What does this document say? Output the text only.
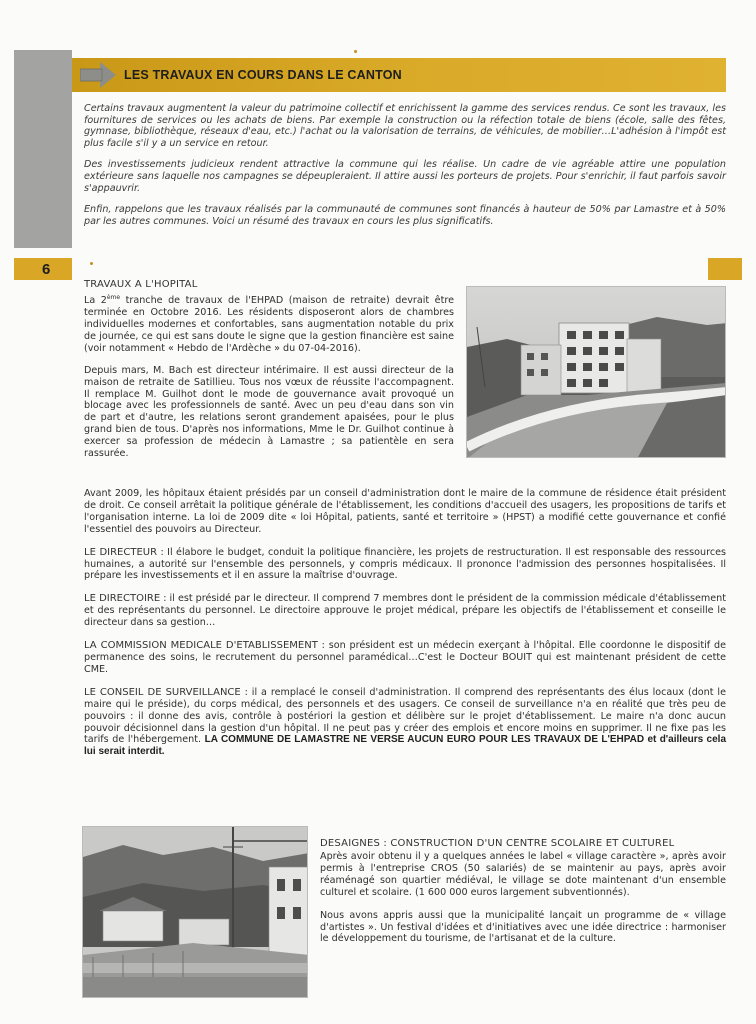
LES TRAVAUX EN COURS DANS LE CANTON

Certains travaux augmentent la valeur du patrimoine collectif et enrichissent la gamme des services rendus. Ce sont les travaux, les fournitures de services ou les achats de biens. Par exemple la construction ou la réfection totale de biens (école, salle des fêtes, gymnase, bibliothèque, réseaux d'eau, etc.) l'achat ou la valorisation de terrains, de véhicules, de mobilier…L'adhésion à l'impôt est plus facile s'il y a un service en retour.

Des investissements judicieux rendent attractive la commune qui les réalise. Un cadre de vie agréable attire une population extérieure sans laquelle nos campagnes se dépeupleraient. Il attire aussi les porteurs de projets. Pour s'enrichir, il faut parfois savoir s'appauvrir.

Enfin, rappelons que les travaux réalisés par la communauté de communes sont financés à hauteur de 50% par Lamastre et à 50% par les autres communes. Voici un résumé des travaux en cours les plus significatifs.

6
TRAVAUX A L'HOPITAL

La 2ème tranche de travaux de l'EHPAD (maison de retraite) devrait être terminée en Octobre 2016. Les résidents disposeront alors de chambres individuelles modernes et confortables, sans augmentation notable du prix de journée, ce qui est sans doute le signe que la gestion financière est saine (voir notamment « Hebdo de l'Ardèche » du 07-04-2016).

Depuis mars, M. Bach est directeur intérimaire. Il est aussi directeur de la maison de retraite de Satillieu. Tous nos vœux de réussite l'accompagnent. Il remplace M. Guilhot dont le mode de gouvernance avait provoqué un blocage avec les professionnels de santé. Avec un peu d'eau dans son vin de part et d'autre, les relations seront grandement apaisées, pour le plus grand bien de tous. D'après nos informations, Mme le Dr. Guilhot continue à exercer sa profession de médecin à Lamastre ; sa patientèle en sera rassurée.

Avant 2009, les hôpitaux étaient présidés par un conseil d'administration dont le maire de la commune de résidence était président de droit. Ce conseil arrêtait la politique générale de l'établissement, les conditions d'accueil des usagers, les propositions de tarifs et l'organisation interne. La loi de 2009 dite « loi Hôpital, patients, santé et territoire » (HPST) a modifié cette gouvernance et confié l'essentiel des pouvoirs au Directeur.

LE DIRECTEUR : Il élabore le budget, conduit la politique financière, les projets de restructuration. Il est responsable des ressources humaines, a autorité sur l'ensemble des personnels, y compris médicaux. Il prononce l'admission des personnes hospitalisées. Il prépare les investissements et il en assure la maîtrise d'ouvrage.

LE DIRECTOIRE : il est présidé par le directeur. Il comprend 7 membres dont le président de la commission médicale d'établissement et des représentants du personnel. Le directoire approuve le projet médical, prépare les objectifs de l'établissement et conseille le directeur dans sa gestion…

LA COMMISSION MEDICALE D'ETABLISSEMENT : son président est un médecin exerçant à l'hôpital. Elle coordonne le dispositif de permanence des soins, le recrutement du personnel paramédical…C'est le Docteur BOUIT qui est maintenant président de cette CME.

LE CONSEIL DE SURVEILLANCE : il a remplacé le conseil d'administration. Il comprend des représentants des élus locaux (dont le maire qui le préside), du corps médical, des personnels et des usagers. Ce conseil de surveillance n'a en réalité que très peu de pouvoirs : il donne des avis, contrôle à postériori la gestion et délibère sur le projet d'établissement. Le maire n'a donc aucun pouvoir décisionnel dans la gestion d'un hôpital. Il ne peut pas y créer des emplois et encore moins en supprimer. Il ne fixe pas les tarifs de l'hébergement. LA COMMUNE DE LAMASTRE NE VERSE AUCUN EURO POUR LES TRAVAUX DE L'EHPAD et d'ailleurs cela lui serait interdit.

DESAIGNES : CONSTRUCTION D'UN CENTRE SCOLAIRE ET CULTUREL

Après avoir obtenu il y a quelques années le label « village caractère », après avoir permis à l'entreprise CROS (50 salariés) de se maintenir au pays, après avoir réaménagé son quartier médiéval, le village se dote maintenant d'un ensemble culturel et scolaire. (1 600 000 euros largement subventionnés).

Nous avons appris aussi que la municipalité lançait un programme de « village d'artistes ». Un festival d'idées et d'initiatives avec une idée directrice : harmoniser le développement du tourisme, de l'artisanat et de la culture.
